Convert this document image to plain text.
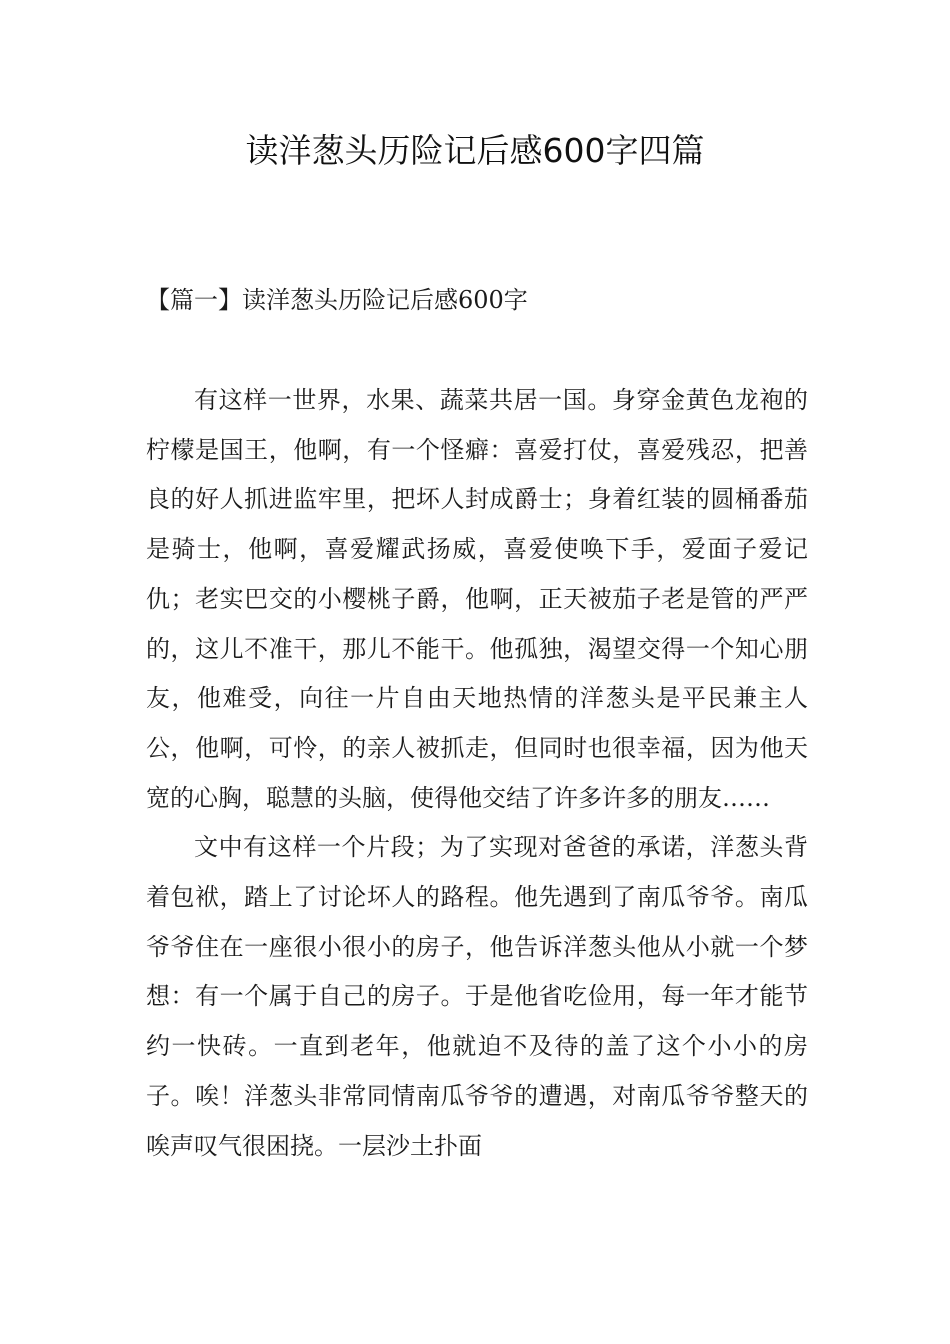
读洋葱头历险记后感600字四篇
【篇一】读洋葱头历险记后感600字

有这样一世界，水果、蔬菜共居一国。身穿金黄色龙袍的柠檬是国王，他啊，有一个怪癖：喜爱打仗，喜爱残忍，把善良的好人抓进监牢里，把坏人封成爵士；身着红装的圆桶番茄是骑士，他啊，喜爱耀武扬威，喜爱使唤下手，爱面子爱记仇；老实巴交的小樱桃子爵，他啊，正天被茄子老是管的严严的，这儿不准干，那儿不能干。他孤独，渴望交得一个知心朋友，他难受，向往一片自由天地热情的洋葱头是平民兼主人公，他啊，可怜，的亲人被抓走，但同时也很幸福，因为他天宽的心胸，聪慧的头脑，使得他交结了许多许多的朋友……

文中有这样一个片段；为了实现对爸爸的承诺，洋葱头背着包袱，踏上了讨论坏人的路程。他先遇到了南瓜爷爷。南瓜爷爷住在一座很小很小的房子，他告诉洋葱头他从小就一个梦想：有一个属于自己的房子。于是他省吃俭用，每一年才能节约一快砖。一直到老年，他就迫不及待的盖了这个小小的房子。唉！洋葱头非常同情南瓜爷爷的遭遇，对南瓜爷爷整天的唉声叹气很困挠。一层沙土扑面
